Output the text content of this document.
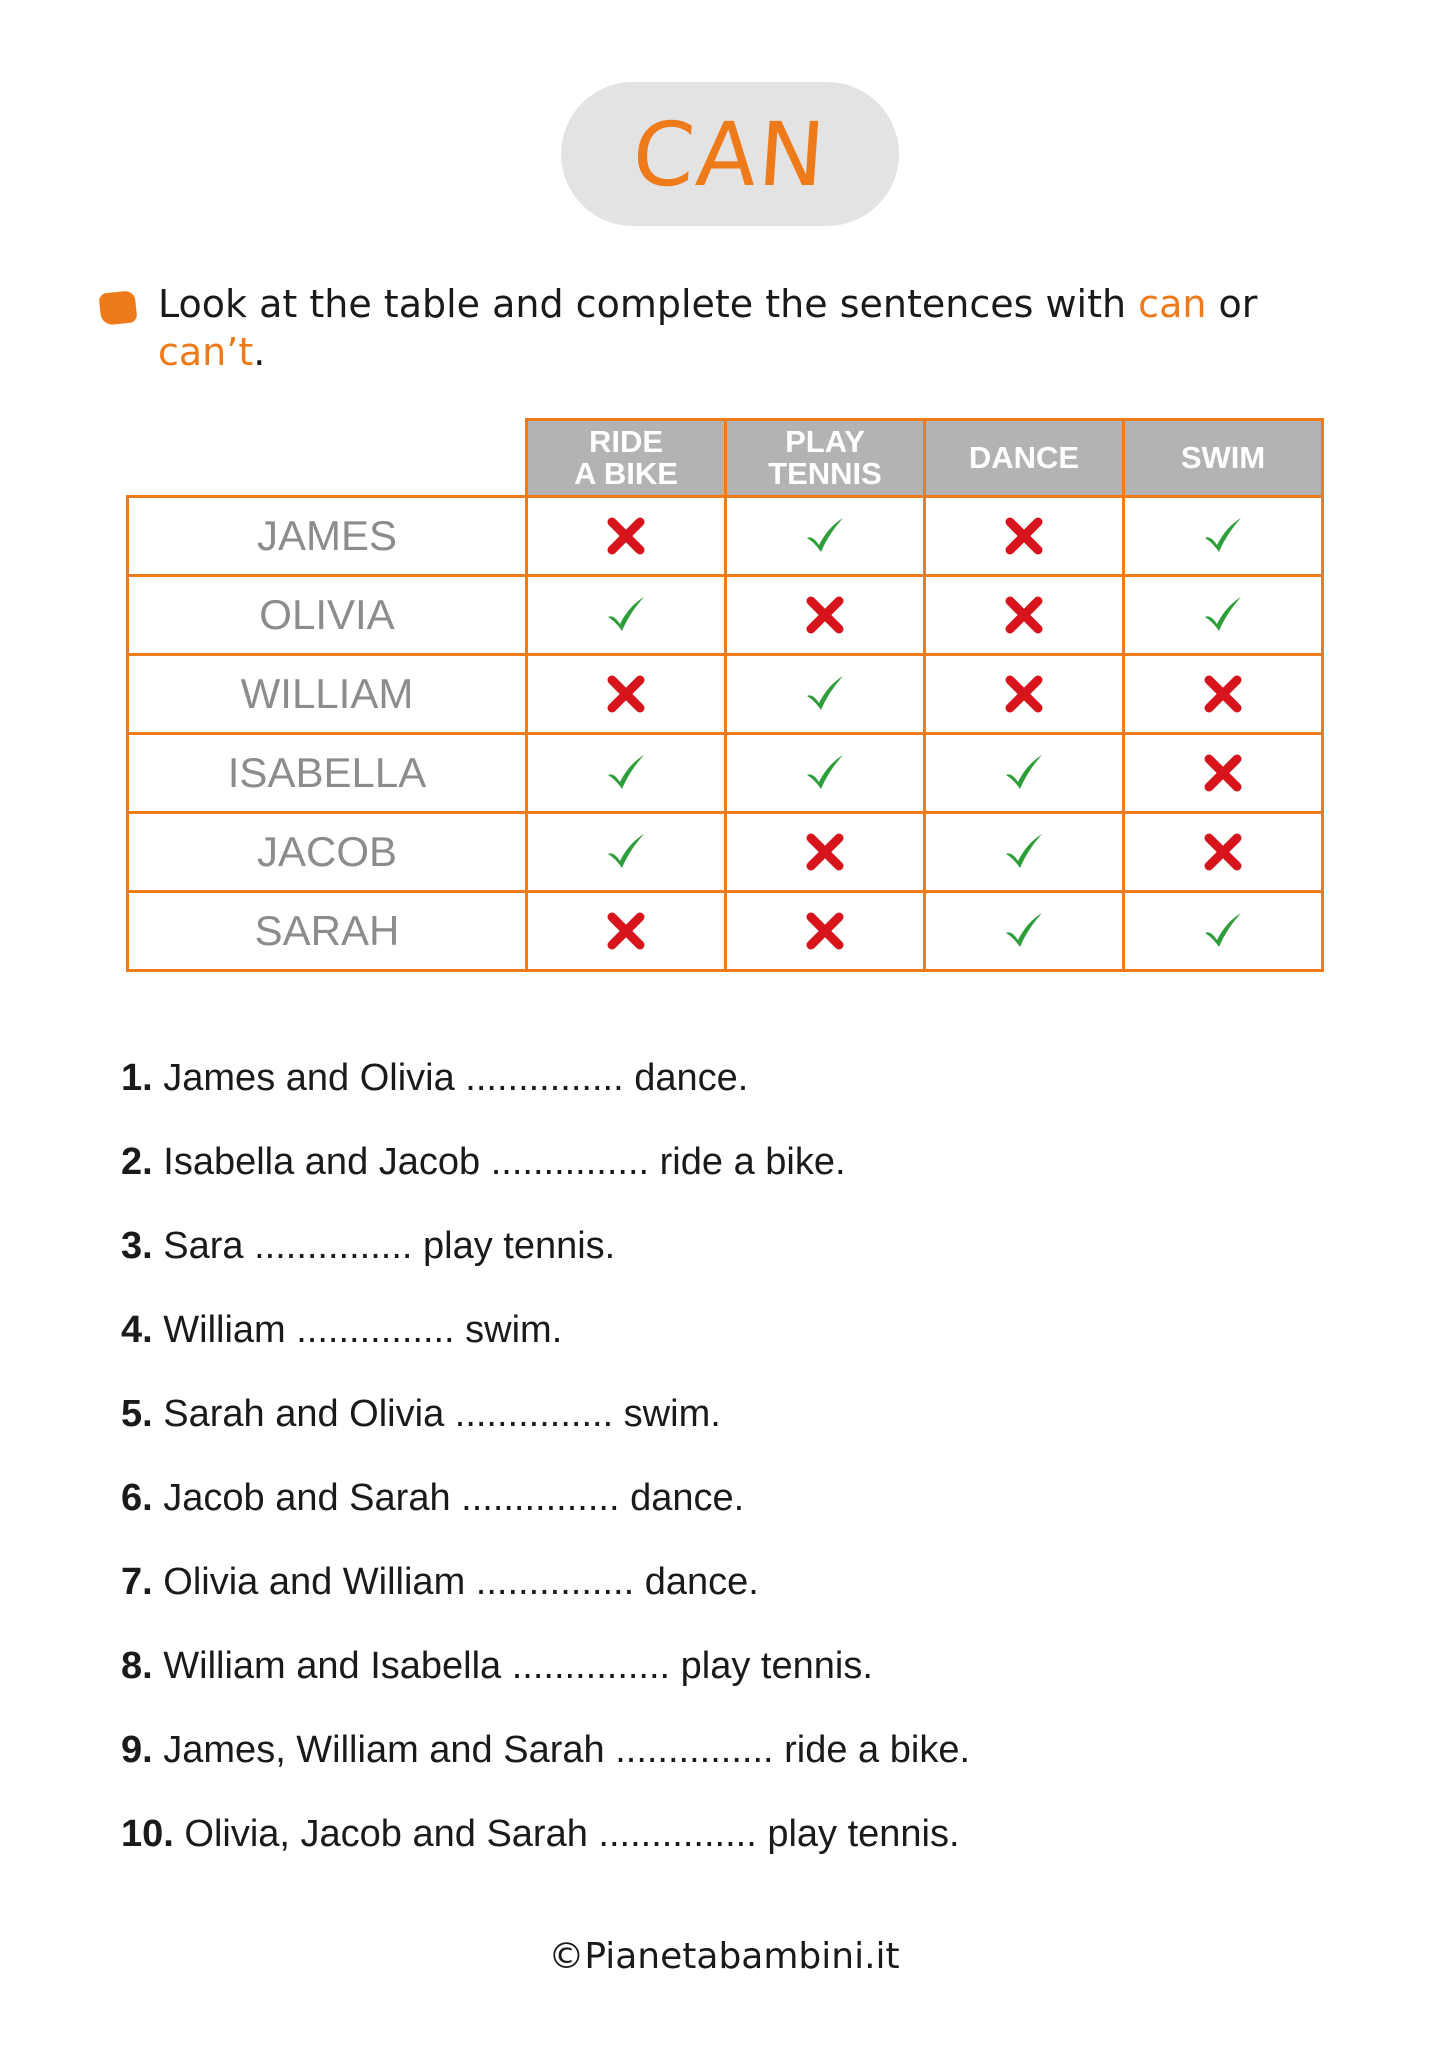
CAN
Look at the table and complete the sentences with can or
can’t.
RIDE
A BIKE
PLAY
TENNIS	DANCE	SWIM
JAMES
OLIVIA
WILLIAM
ISABELLA
JACOB
SARAH
1. James and Olivia ............... dance.
2. Isabella and Jacob ............... ride a bike.
3. Sara ............... play tennis.
4. William ............... swim.
5. Sarah and Olivia ............... swim.
6. Jacob and Sarah ............... dance.
7. Olivia and William ............... dance.
8. William and Isabella ............... play tennis.
9. James, William and Sarah ............... ride a bike.
10. Olivia, Jacob and Sarah ............... play tennis.
©Pianetabambini.it
